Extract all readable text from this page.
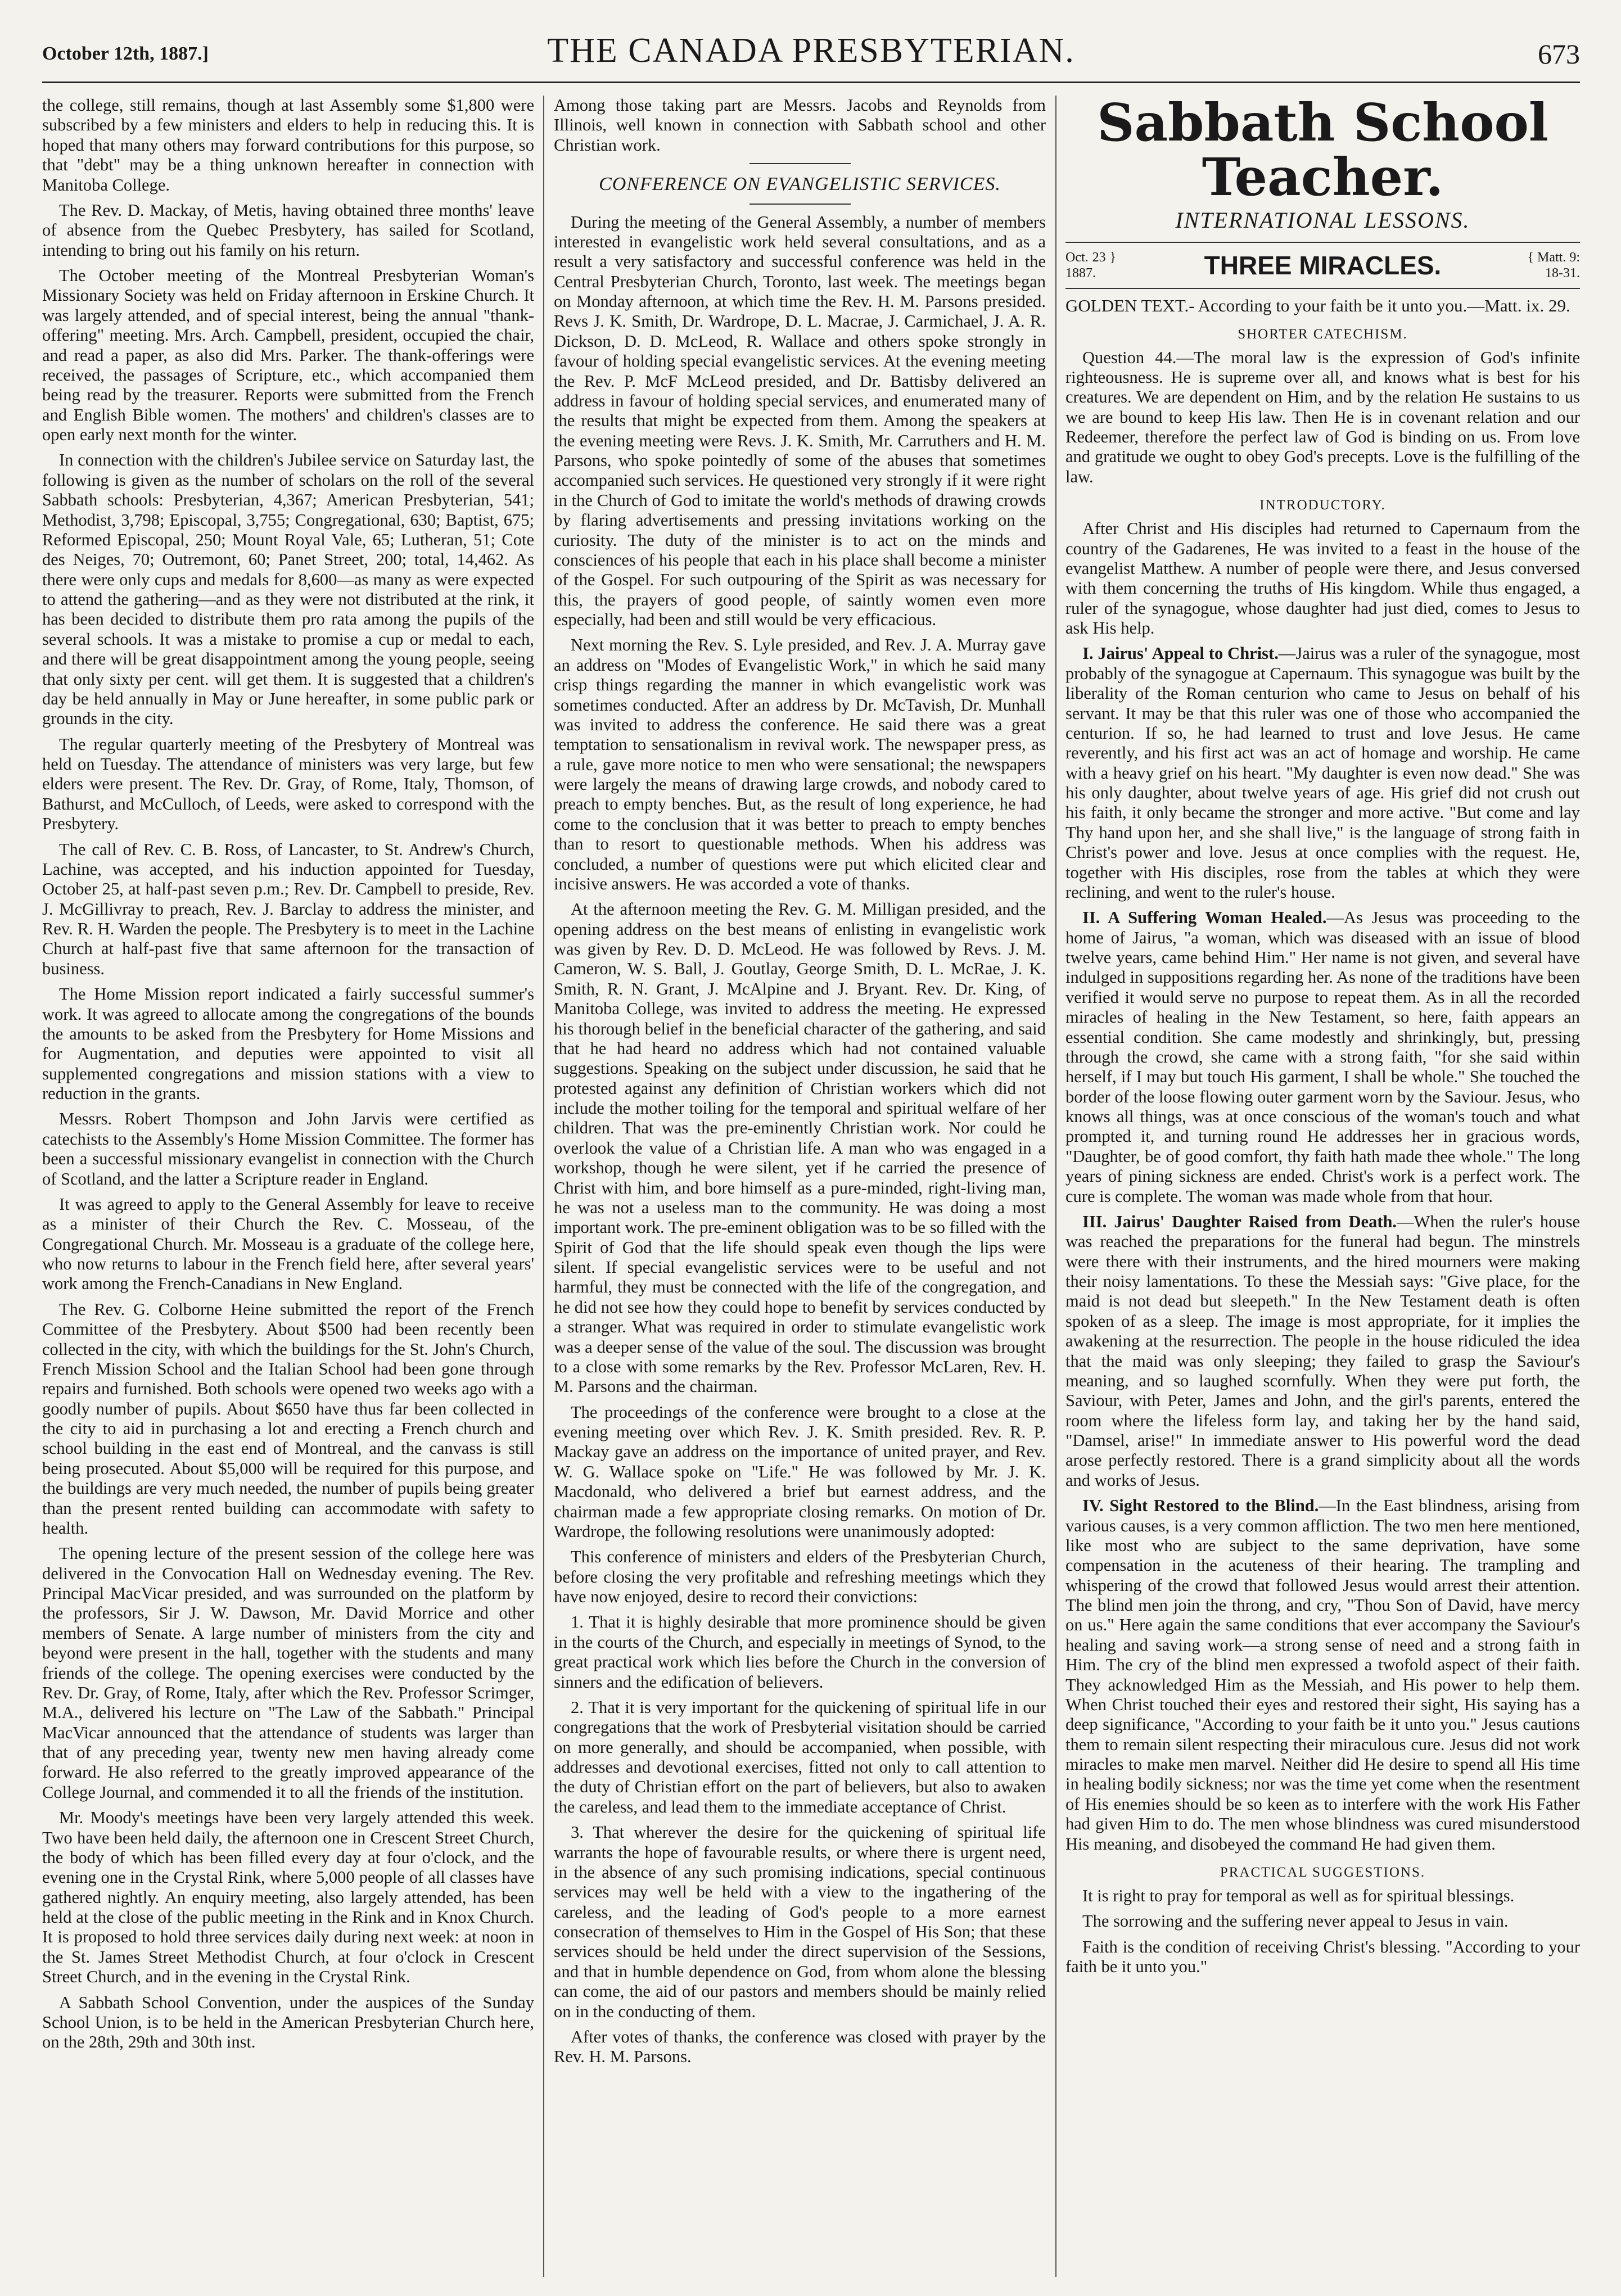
October 12th, 1887.]	THE CANADA PRESBYTERIAN.	673

the college, still remains, though at last Assembly some $1,800 were subscribed by a few ministers and elders to help in reducing this. It is hoped that many others may forward contributions for this purpose, so that "debt" may be a thing unknown hereafter in connection with Manitoba College.

The Rev. D. Mackay, of Metis, having obtained three months' leave of absence from the Quebec Presbytery, has sailed for Scotland, intending to bring out his family on his return.

The October meeting of the Montreal Presbyterian Woman's Missionary Society was held on Friday afternoon in Erskine Church. It was largely attended, and of special interest, being the annual "thank-offering" meeting. Mrs. Arch. Campbell, president, occupied the chair, and read a paper, as also did Mrs. Parker. The thank-offerings were received, the passages of Scripture, etc., which accompanied them being read by the treasurer. Reports were submitted from the French and English Bible women. The mothers' and children's classes are to open early next month for the winter.

In connection with the children's Jubilee service on Saturday last, the following is given as the number of scholars on the roll of the several Sabbath schools: Presbyterian, 4,367; American Presbyterian, 541; Methodist, 3,798; Episcopal, 3,755; Congregational, 630; Baptist, 675; Reformed Episcopal, 250; Mount Royal Vale, 65; Lutheran, 51; Cote des Neiges, 70; Outremont, 60; Panet Street, 200; total, 14,462. As there were only cups and medals for 8,600—as many as were expected to attend the gathering—and as they were not distributed at the rink, it has been decided to distribute them pro rata among the pupils of the several schools. It was a mistake to promise a cup or medal to each, and there will be great disappointment among the young people, seeing that only sixty per cent. will get them. It is suggested that a children's day be held annually in May or June hereafter, in some public park or grounds in the city.

The regular quarterly meeting of the Presbytery of Montreal was held on Tuesday. The attendance of ministers was very large, but few elders were present. The Rev. Dr. Gray, of Rome, Italy, Thomson, of Bathurst, and McCulloch, of Leeds, were asked to correspond with the Presbytery.

The call of Rev. C. B. Ross, of Lancaster, to St. Andrew's Church, Lachine, was accepted, and his induction appointed for Tuesday, October 25, at half-past seven p.m.; Rev. Dr. Campbell to preside, Rev. J. McGillivray to preach, Rev. J. Barclay to address the minister, and Rev. R. H. Warden the people. The Presbytery is to meet in the Lachine Church at half-past five that same afternoon for the transaction of business.

The Home Mission report indicated a fairly successful summer's work. It was agreed to allocate among the congregations of the bounds the amounts to be asked from the Presbytery for Home Missions and for Augmentation, and deputies were appointed to visit all supplemented congregations and mission stations with a view to reduction in the grants.

Messrs. Robert Thompson and John Jarvis were certified as catechists to the Assembly's Home Mission Committee. The former has been a successful missionary evangelist in connection with the Church of Scotland, and the latter a Scripture reader in England.

It was agreed to apply to the General Assembly for leave to receive as a minister of their Church the Rev. C. Mosseau, of the Congregational Church. Mr. Mosseau is a graduate of the college here, who now returns to labour in the French field here, after several years' work among the French-Canadians in New England.

The Rev. G. Colborne Heine submitted the report of the French Committee of the Presbytery. About $500 had been recently been collected in the city, with which the buildings for the St. John's Church, French Mission School and the Italian School had been gone through repairs and furnished. Both schools were opened two weeks ago with a goodly number of pupils. About $650 have thus far been collected in the city to aid in purchasing a lot and erecting a French church and school building in the east end of Montreal, and the canvass is still being prosecuted. About $5,000 will be required for this purpose, and the buildings are very much needed, the number of pupils being greater than the present rented building can accommodate with safety to health.

The opening lecture of the present session of the college here was delivered in the Convocation Hall on Wednesday evening. The Rev. Principal MacVicar presided, and was surrounded on the platform by the professors, Sir J. W. Dawson, Mr. David Morrice and other members of Senate. A large number of ministers from the city and beyond were present in the hall, together with the students and many friends of the college. The opening exercises were conducted by the Rev. Dr. Gray, of Rome, Italy, after which the Rev. Professor Scrimger, M.A., delivered his lecture on "The Law of the Sabbath." Principal MacVicar announced that the attendance of students was larger than that of any preceding year, twenty new men having already come forward. He also referred to the greatly improved appearance of the College Journal, and commended it to all the friends of the institution.

Mr. Moody's meetings have been very largely attended this week. Two have been held daily, the afternoon one in Crescent Street Church, the body of which has been filled every day at four o'clock, and the evening one in the Crystal Rink, where 5,000 people of all classes have gathered nightly. An enquiry meeting, also largely attended, has been held at the close of the public meeting in the Rink and in Knox Church. It is proposed to hold three services daily during next week: at noon in the St. James Street Methodist Church, at four o'clock in Crescent Street Church, and in the evening in the Crystal Rink.

A Sabbath School Convention, under the auspices of the Sunday School Union, is to be held in the American Presbyterian Church here, on the 28th, 29th and 30th inst.

Among those taking part are Messrs. Jacobs and Reynolds from Illinois, well known in connection with Sabbath school and other Christian work.

CONFERENCE ON EVANGELISTIC SERVICES.

During the meeting of the General Assembly, a number of members interested in evangelistic work held several consultations, and as a result a very satisfactory and successful conference was held in the Central Presbyterian Church, Toronto, last week. The meetings began on Monday afternoon, at which time the Rev. H. M. Parsons presided. Revs J. K. Smith, Dr. Wardrope, D. L. Macrae, J. Carmichael, J. A. R. Dickson, D. D. McLeod, R. Wallace and others spoke strongly in favour of holding special evangelistic services. At the evening meeting the Rev. P. McF McLeod presided, and Dr. Battisby delivered an address in favour of holding special services, and enumerated many of the results that might be expected from them. Among the speakers at the evening meeting were Revs. J. K. Smith, Mr. Carruthers and H. M. Parsons, who spoke pointedly of some of the abuses that sometimes accompanied such services. He questioned very strongly if it were right in the Church of God to imitate the world's methods of drawing crowds by flaring advertisements and pressing invitations working on the curiosity. The duty of the minister is to act on the minds and consciences of his people that each in his place shall become a minister of the Gospel. For such outpouring of the Spirit as was necessary for this, the prayers of good people, of saintly women even more especially, had been and still would be very efficacious.

Next morning the Rev. S. Lyle presided, and Rev. J. A. Murray gave an address on "Modes of Evangelistic Work," in which he said many crisp things regarding the manner in which evangelistic work was sometimes conducted. After an address by Dr. McTavish, Dr. Munhall was invited to address the conference. He said there was a great temptation to sensationalism in revival work. The newspaper press, as a rule, gave more notice to men who were sensational; the newspapers were largely the means of drawing large crowds, and nobody cared to preach to empty benches. But, as the result of long experience, he had come to the conclusion that it was better to preach to empty benches than to resort to questionable methods. When his address was concluded, a number of questions were put which elicited clear and incisive answers. He was accorded a vote of thanks.

At the afternoon meeting the Rev. G. M. Milligan presided, and the opening address on the best means of enlisting in evangelistic work was given by Rev. D. D. McLeod. He was followed by Revs. J. M. Cameron, W. S. Ball, J. Goutlay, George Smith, D. L. McRae, J. K. Smith, R. N. Grant, J. McAlpine and J. Bryant. Rev. Dr. King, of Manitoba College, was invited to address the meeting. He expressed his thorough belief in the beneficial character of the gathering, and said that he had heard no address which had not contained valuable suggestions. Speaking on the subject under discussion, he said that he protested against any definition of Christian workers which did not include the mother toiling for the temporal and spiritual welfare of her children. That was the pre-eminently Christian work. Nor could he overlook the value of a Christian life. A man who was engaged in a workshop, though he were silent, yet if he carried the presence of Christ with him, and bore himself as a pure-minded, right-living man, he was not a useless man to the community. He was doing a most important work. The pre-eminent obligation was to be so filled with the Spirit of God that the life should speak even though the lips were silent. If special evangelistic services were to be useful and not harmful, they must be connected with the life of the congregation, and he did not see how they could hope to benefit by services conducted by a stranger. What was required in order to stimulate evangelistic work was a deeper sense of the value of the soul. The discussion was brought to a close with some remarks by the Rev. Professor McLaren, Rev. H. M. Parsons and the chairman.

The proceedings of the conference were brought to a close at the evening meeting over which Rev. J. K. Smith presided. Rev. R. P. Mackay gave an address on the importance of united prayer, and Rev. W. G. Wallace spoke on "Life." He was followed by Mr. J. K. Macdonald, who delivered a brief but earnest address, and the chairman made a few appropriate closing remarks. On motion of Dr. Wardrope, the following resolutions were unanimously adopted:

This conference of ministers and elders of the Presbyterian Church, before closing the very profitable and refreshing meetings which they have now enjoyed, desire to record their convictions:

1. That it is highly desirable that more prominence should be given in the courts of the Church, and especially in meetings of Synod, to the great practical work which lies before the Church in the conversion of sinners and the edification of believers.

2. That it is very important for the quickening of spiritual life in our congregations that the work of Presbyterial visitation should be carried on more generally, and should be accompanied, when possible, with addresses and devotional exercises, fitted not only to call attention to the duty of Christian effort on the part of believers, but also to awaken the careless, and lead them to the immediate acceptance of Christ.

3. That wherever the desire for the quickening of spiritual life warrants the hope of favourable results, or where there is urgent need, in the absence of any such promising indications, special continuous services may well be held with a view to the ingathering of the careless, and the leading of God's people to a more earnest consecration of themselves to Him in the Gospel of His Son; that these services should be held under the direct supervision of the Sessions, and that in humble dependence on God, from whom alone the blessing can come, the aid of our pastors and members should be mainly relied on in the conducting of them.

After votes of thanks, the conference was closed with prayer by the Rev. H. M. Parsons.

Sabbath School Teacher.
INTERNATIONAL LESSONS.
Oct. 23 } 1887.	THREE MIRACLES.	{ Matt. 9: 18-31.

GOLDEN TEXT.- According to your faith be it unto you.—Matt. ix. 29.

SHORTER CATECHISM.

Question 44.—The moral law is the expression of God's infinite righteousness. He is supreme over all, and knows what is best for his creatures. We are dependent on Him, and by the relation He sustains to us we are bound to keep His law. Then He is in covenant relation and our Redeemer, therefore the perfect law of God is binding on us. From love and gratitude we ought to obey God's precepts. Love is the fulfilling of the law.

INTRODUCTORY.

After Christ and His disciples had returned to Capernaum from the country of the Gadarenes, He was invited to a feast in the house of the evangelist Matthew. A number of people were there, and Jesus conversed with them concerning the truths of His kingdom. While thus engaged, a ruler of the synagogue, whose daughter had just died, comes to Jesus to ask His help.

I. Jairus' Appeal to Christ.—Jairus was a ruler of the synagogue, most probably of the synagogue at Capernaum. This synagogue was built by the liberality of the Roman centurion who came to Jesus on behalf of his servant. It may be that this ruler was one of those who accompanied the centurion. If so, he had learned to trust and love Jesus. He came reverently, and his first act was an act of homage and worship. He came with a heavy grief on his heart. "My daughter is even now dead." She was his only daughter, about twelve years of age. His grief did not crush out his faith, it only became the stronger and more active. "But come and lay Thy hand upon her, and she shall live," is the language of strong faith in Christ's power and love. Jesus at once complies with the request. He, together with His disciples, rose from the tables at which they were reclining, and went to the ruler's house.

II. A Suffering Woman Healed.—As Jesus was proceeding to the home of Jairus, "a woman, which was diseased with an issue of blood twelve years, came behind Him." Her name is not given, and several have indulged in suppositions regarding her. As none of the traditions have been verified it would serve no purpose to repeat them. As in all the recorded miracles of healing in the New Testament, so here, faith appears an essential condition. She came modestly and shrinkingly, but, pressing through the crowd, she came with a strong faith, "for she said within herself, if I may but touch His garment, I shall be whole." She touched the border of the loose flowing outer garment worn by the Saviour. Jesus, who knows all things, was at once conscious of the woman's touch and what prompted it, and turning round He addresses her in gracious words, "Daughter, be of good comfort, thy faith hath made thee whole." The long years of pining sickness are ended. Christ's work is a perfect work. The cure is complete. The woman was made whole from that hour.

III. Jairus' Daughter Raised from Death.—When the ruler's house was reached the preparations for the funeral had begun. The minstrels were there with their instruments, and the hired mourners were making their noisy lamentations. To these the Messiah says: "Give place, for the maid is not dead but sleepeth." In the New Testament death is often spoken of as a sleep. The image is most appropriate, for it implies the awakening at the resurrection. The people in the house ridiculed the idea that the maid was only sleeping; they failed to grasp the Saviour's meaning, and so laughed scornfully. When they were put forth, the Saviour, with Peter, James and John, and the girl's parents, entered the room where the lifeless form lay, and taking her by the hand said, "Damsel, arise!" In immediate answer to His powerful word the dead arose perfectly restored. There is a grand simplicity about all the words and works of Jesus.

IV. Sight Restored to the Blind.—In the East blindness, arising from various causes, is a very common affliction. The two men here mentioned, like most who are subject to the same deprivation, have some compensation in the acuteness of their hearing. The trampling and whispering of the crowd that followed Jesus would arrest their attention. The blind men join the throng, and cry, "Thou Son of David, have mercy on us." Here again the same conditions that ever accompany the Saviour's healing and saving work—a strong sense of need and a strong faith in Him. The cry of the blind men expressed a twofold aspect of their faith. They acknowledged Him as the Messiah, and His power to help them. When Christ touched their eyes and restored their sight, His saying has a deep significance, "According to your faith be it unto you." Jesus cautions them to remain silent respecting their miraculous cure. Jesus did not work miracles to make men marvel. Neither did He desire to spend all His time in healing bodily sickness; nor was the time yet come when the resentment of His enemies should be so keen as to interfere with the work His Father had given Him to do. The men whose blindness was cured misunderstood His meaning, and disobeyed the command He had given them.

PRACTICAL SUGGESTIONS.

It is right to pray for temporal as well as for spiritual blessings.

The sorrowing and the suffering never appeal to Jesus in vain.

Faith is the condition of receiving Christ's blessing. "According to your faith be it unto you."
